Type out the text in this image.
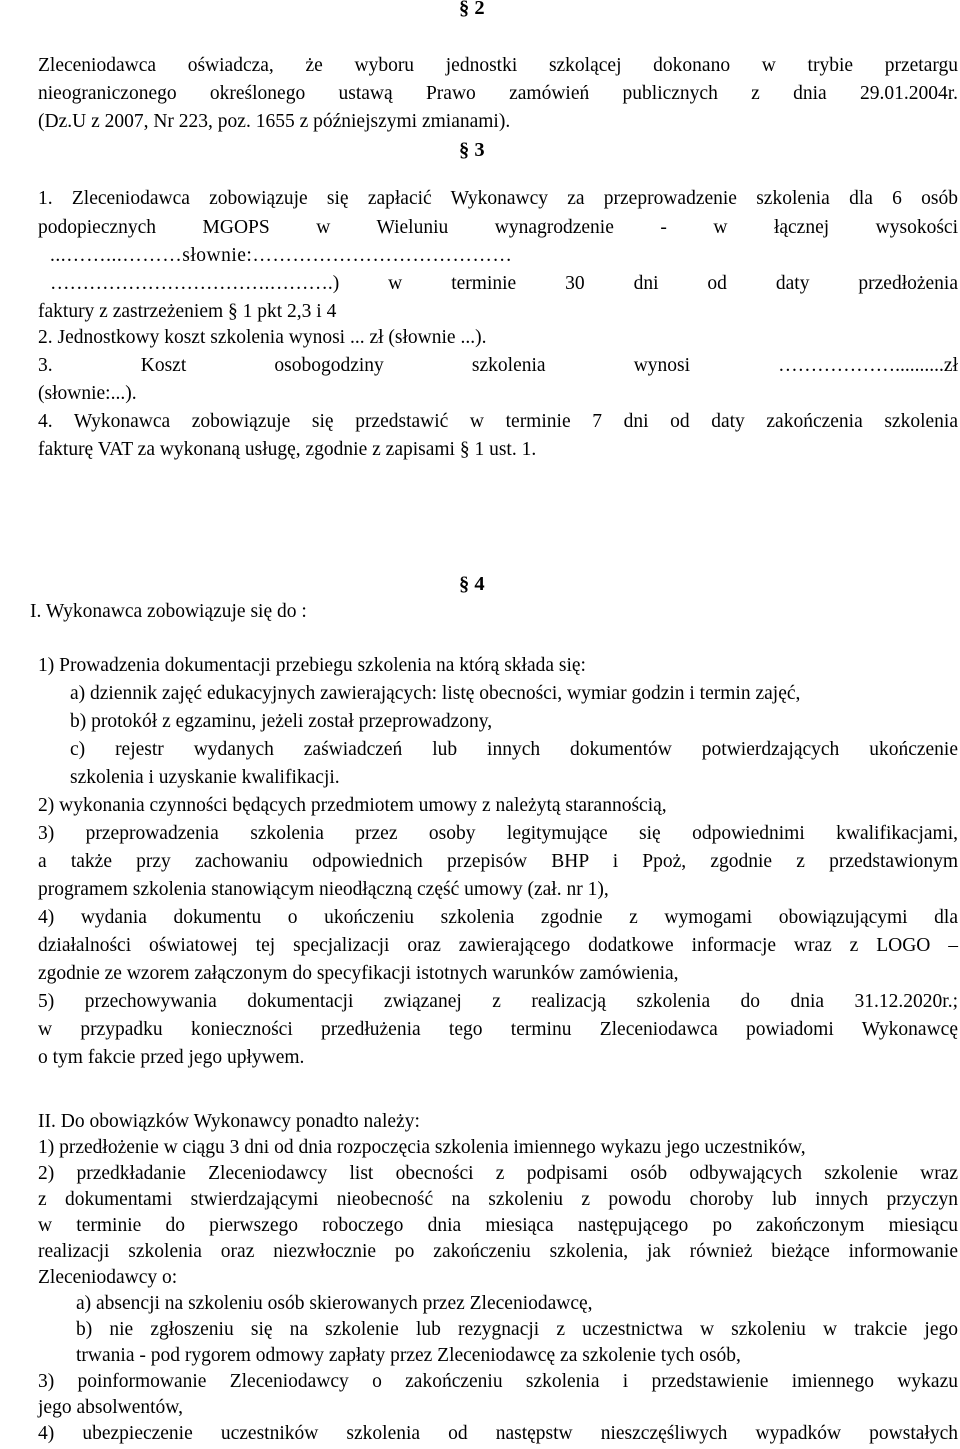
§ 2
Zleceniodawca oświadcza, że wyboru jednostki szkolącej dokonano w trybie przetargu
nieograniczonego określonego ustawą Prawo zamówień publicznych z dnia 29.01.2004r.
(Dz.U z 2007, Nr 223, poz. 1655 z późniejszymi zmianami).
§ 3
1. Zleceniodawca zobowiązuje się zapłacić Wykonawcy za przeprowadzenie szkolenia dla 6 osób
podopiecznych MGOPS w Wieluniu wynagrodzenie - w łącznej wysokości
...……...………słownie:…………………………………
…………………………….……….) w terminie 30 dni od daty przedłożenia
faktury z zastrzeżeniem § 1 pkt 2,3 i 4
2. Jednostkowy koszt szkolenia wynosi ... zł (słownie ...).
3. Koszt osobogodziny szkolenia wynosi ………………..........zł
(słownie:...).
4. Wykonawca zobowiązuje się przedstawić w terminie 7 dni od daty zakończenia szkolenia
fakturę VAT za wykonaną usługę, zgodnie z zapisami § 1 ust. 1.
§ 4
I. Wykonawca zobowiązuje się do :
1) Prowadzenia dokumentacji przebiegu szkolenia na którą składa się:
a) dziennik zajęć edukacyjnych zawierających: listę obecności, wymiar godzin i termin zajęć,
b) protokół z egzaminu, jeżeli został przeprowadzony,
c) rejestr wydanych zaświadczeń lub innych dokumentów potwierdzających ukończenie
szkolenia i uzyskanie kwalifikacji.
2) wykonania czynności będących przedmiotem umowy z należytą starannością,
3) przeprowadzenia szkolenia przez osoby legitymujące się odpowiednimi kwalifikacjami,
a także przy zachowaniu odpowiednich przepisów BHP i Ppoż, zgodnie z przedstawionym
programem szkolenia stanowiącym nieodłączną część umowy (zał. nr 1),
4) wydania dokumentu o ukończeniu szkolenia zgodnie z wymogami obowiązującymi dla
działalności oświatowej tej specjalizacji oraz zawierającego dodatkowe informacje wraz z LOGO –
zgodnie ze wzorem załączonym do specyfikacji istotnych warunków zamówienia,
5) przechowywania dokumentacji związanej z realizacją szkolenia do dnia 31.12.2020r.;
w przypadku konieczności przedłużenia tego terminu Zleceniodawca powiadomi Wykonawcę
o tym fakcie przed jego upływem.
II. Do obowiązków Wykonawcy ponadto należy:
1) przedłożenie w ciągu 3 dni od dnia rozpoczęcia szkolenia imiennego wykazu jego uczestników,
2) przedkładanie Zleceniodawcy list obecności z podpisami osób odbywających szkolenie wraz
z dokumentami stwierdzającymi nieobecność na szkoleniu z powodu choroby lub innych przyczyn
w terminie do pierwszego roboczego dnia miesiąca następującego po zakończonym miesiącu
realizacji szkolenia oraz niezwłocznie po zakończeniu szkolenia, jak również bieżące informowanie
Zleceniodawcy o:
a) absencji na szkoleniu osób skierowanych przez Zleceniodawcę,
b) nie zgłoszeniu się na szkolenie lub rezygnacji z uczestnictwa w szkoleniu w trakcie jego
trwania - pod rygorem odmowy zapłaty przez Zleceniodawcę za szkolenie tych osób,
3) poinformowanie Zleceniodawcy o zakończeniu szkolenia i przedstawienie imiennego wykazu
jego absolwentów,
4) ubezpieczenie uczestników szkolenia od następstw nieszczęśliwych wypadków powstałych
